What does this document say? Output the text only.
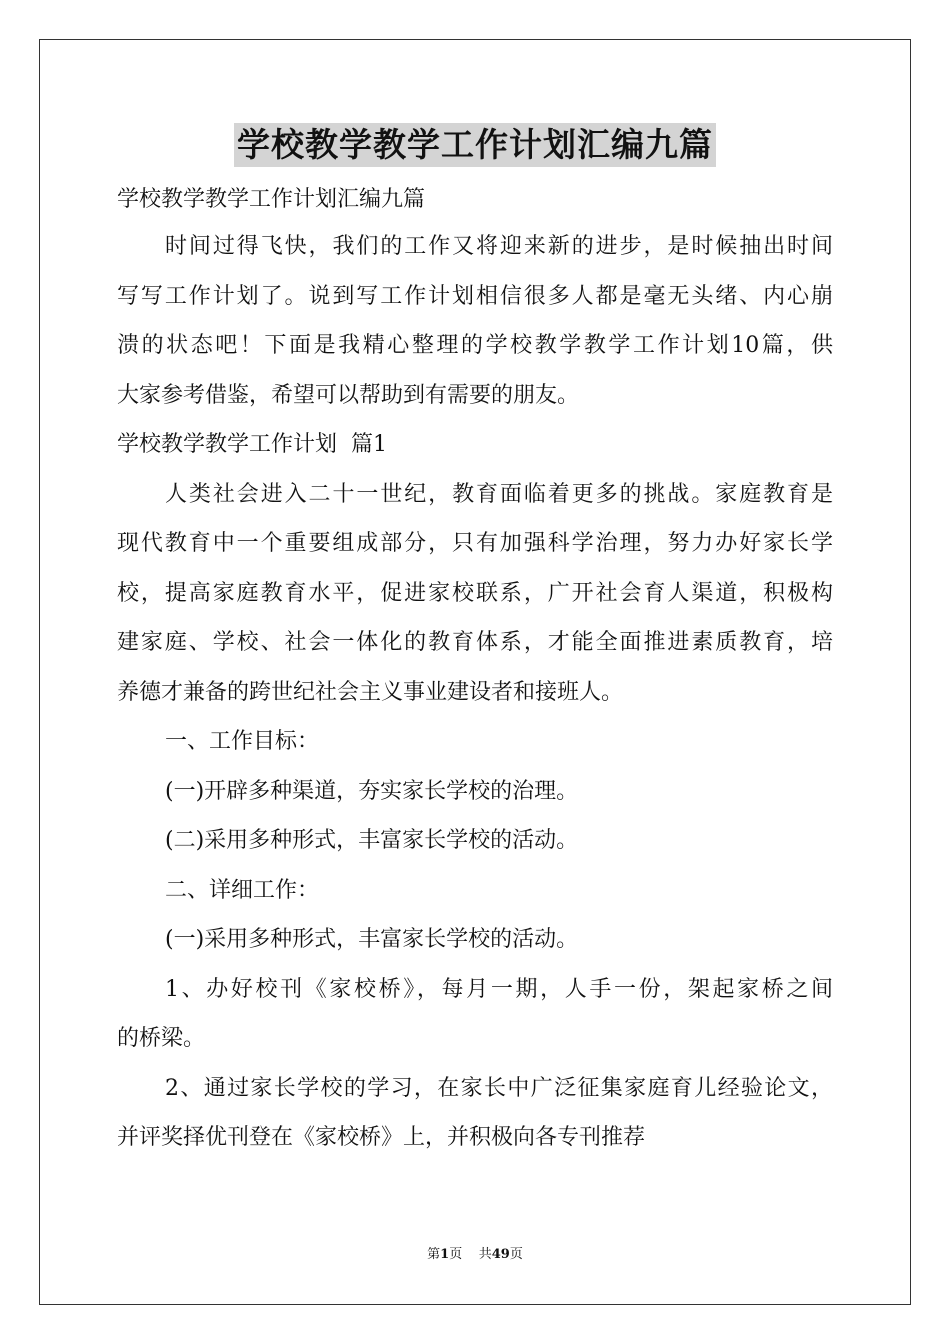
学校教学教学工作计划汇编九篇
学校教学教学工作计划汇编九篇
时间过得飞快，我们的工作又将迎来新的进步，是时候抽出时间
写写工作计划了。说到写工作计划相信很多人都是毫无头绪、内心崩
溃的状态吧！下面是我精心整理的学校教学教学工作计划10篇，供
大家参考借鉴，希望可以帮助到有需要的朋友。
学校教学教学工作计划  篇1
人类社会进入二十一世纪，教育面临着更多的挑战。家庭教育是
现代教育中一个重要组成部分，只有加强科学治理，努力办好家长学
校，提高家庭教育水平，促进家校联系，广开社会育人渠道，积极构
建家庭、学校、社会一体化的教育体系，才能全面推进素质教育，培
养德才兼备的跨世纪社会主义事业建设者和接班人。
一、工作目标：
(一)开辟多种渠道，夯实家长学校的治理。
(二)采用多种形式，丰富家长学校的活动。
二、详细工作：
(一)采用多种形式，丰富家长学校的活动。
1、办好校刊《家校桥》，每月一期，人手一份，架起家桥之间
的桥梁。
2、通过家长学校的学习，在家长中广泛征集家庭育儿经验论文，
并评奖择优刊登在《家校桥》上，并积极向各专刊推荐
第1页    共49页
